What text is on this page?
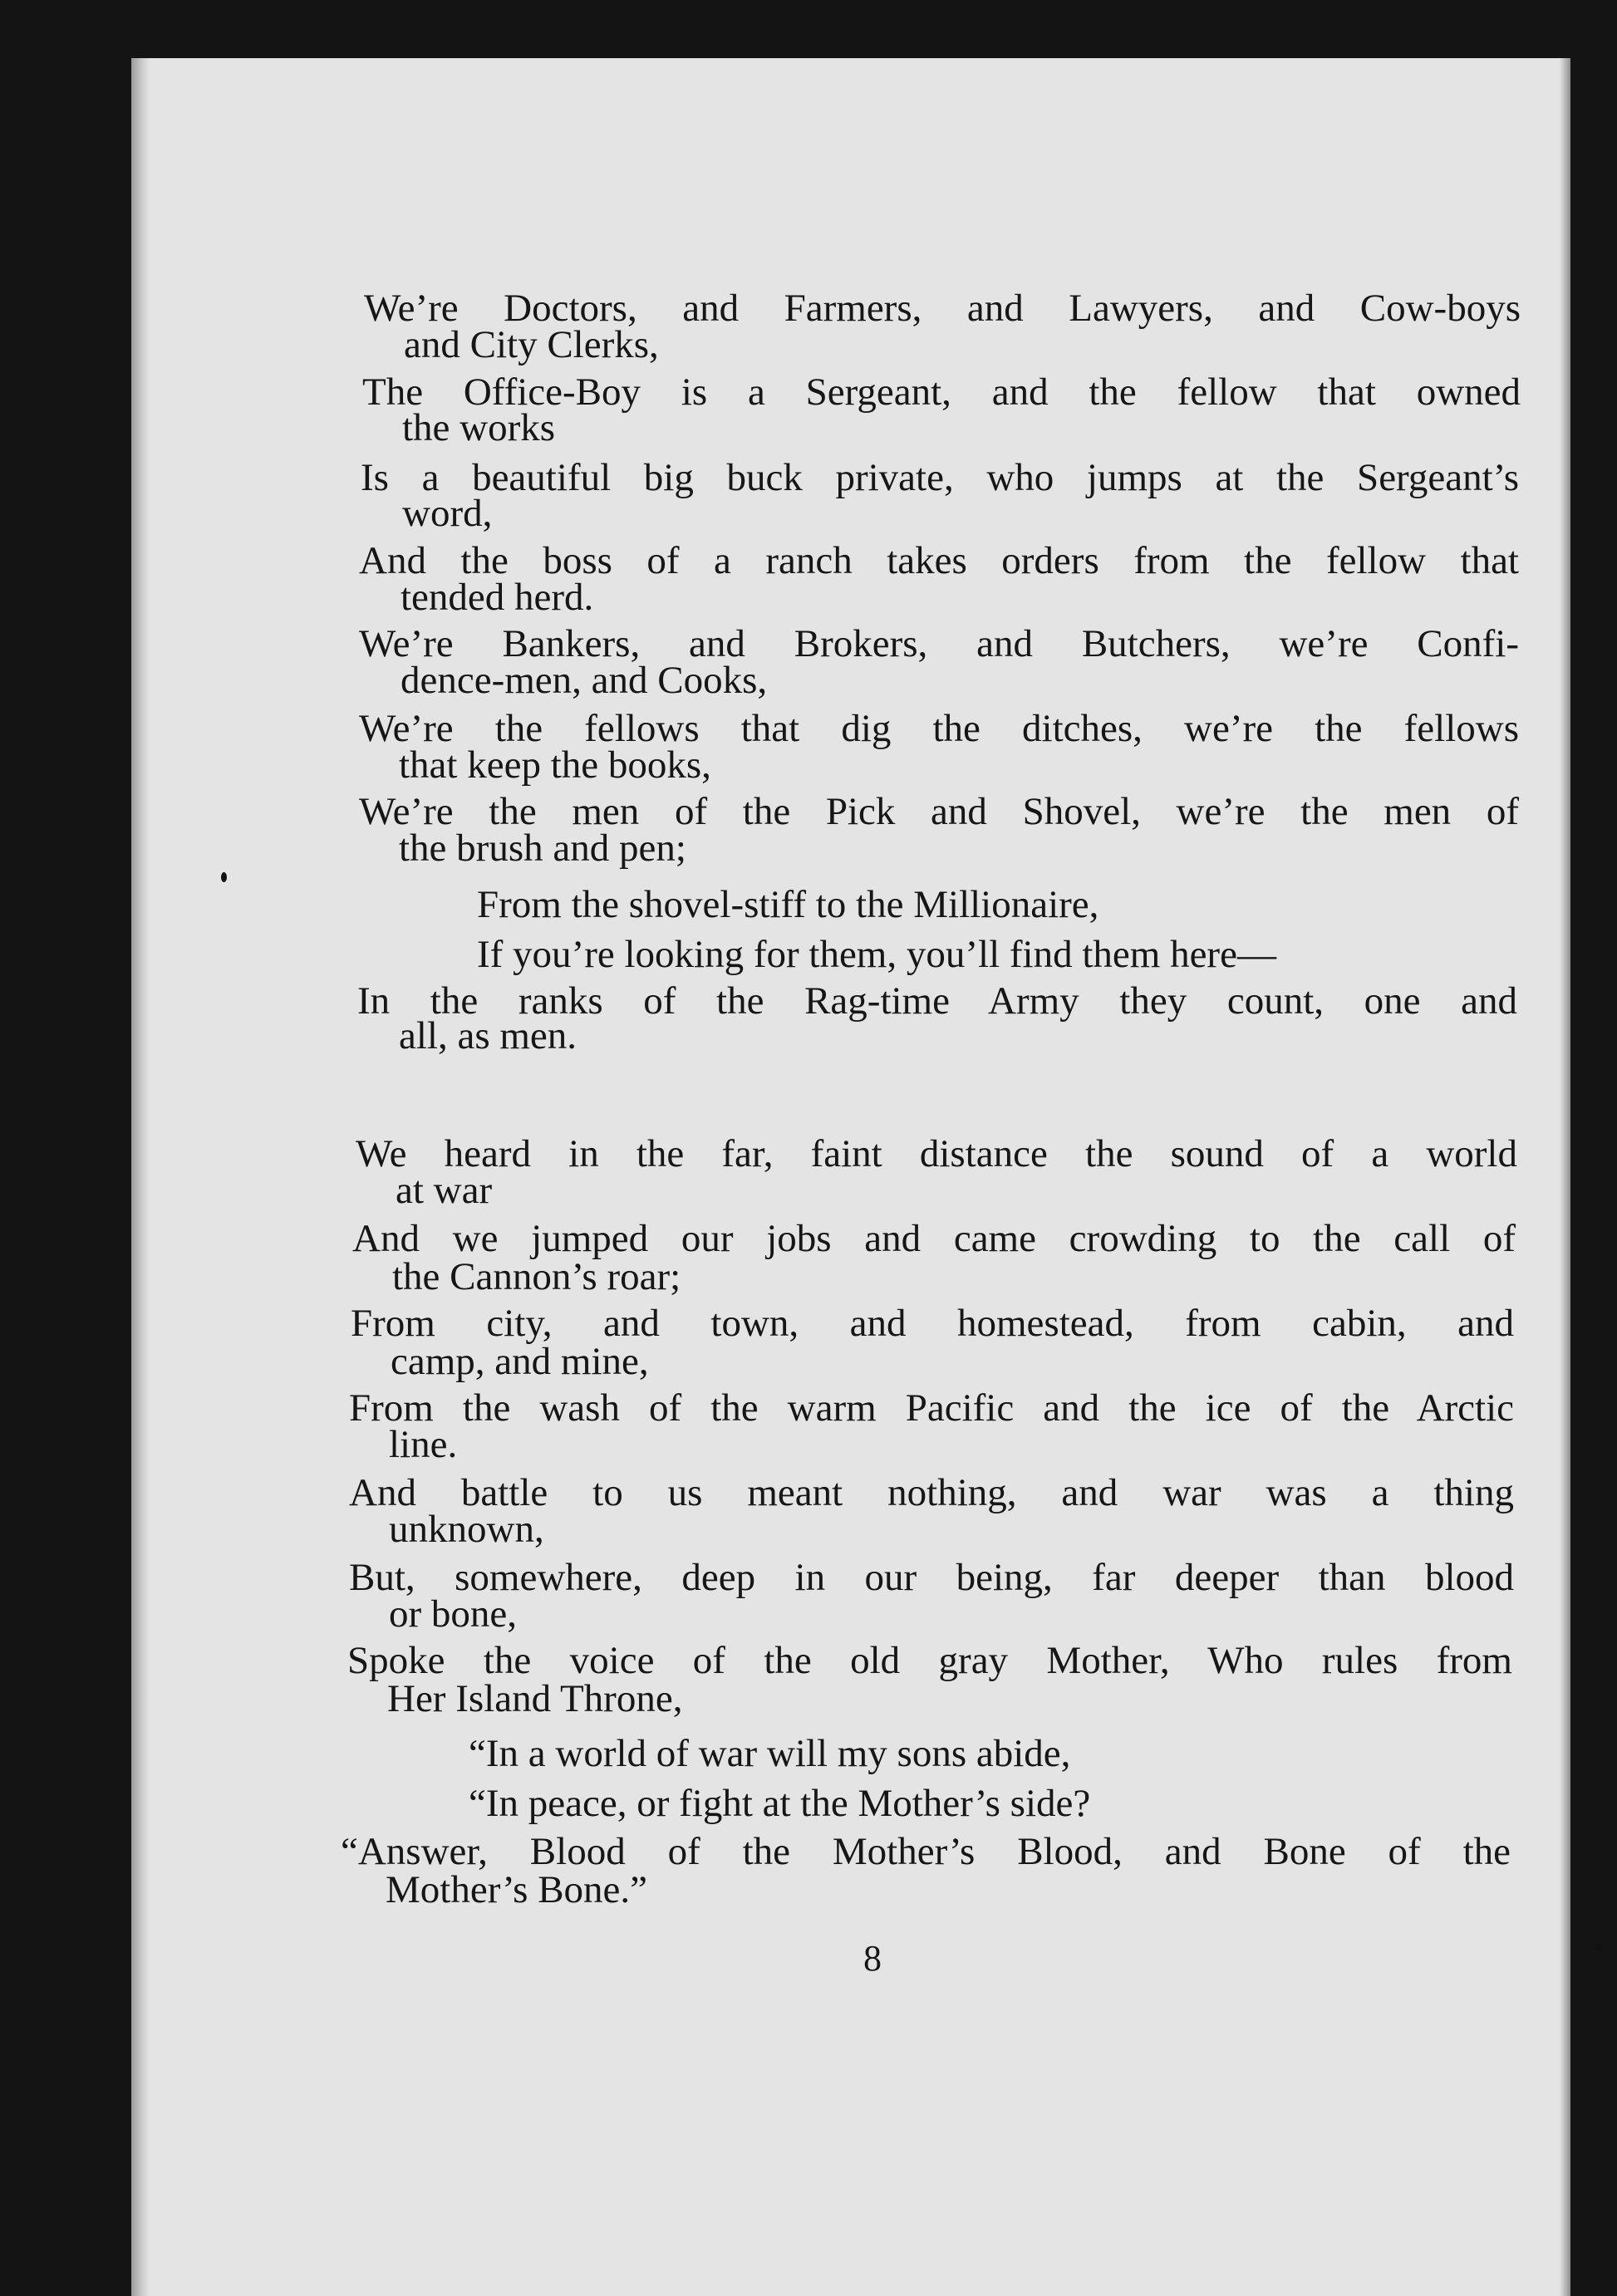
We’re Doctors, and Farmers, and Lawyers, and Cow-boys
and City Clerks,
The Office-Boy is a Sergeant, and the fellow that owned
the works
Is a beautiful big buck private, who jumps at the Sergeant’s
word,
And the boss of a ranch takes orders from the fellow that
tended herd.
We’re Bankers, and Brokers, and Butchers, we’re Confi-
dence-men, and Cooks,
We’re the fellows that dig the ditches, we’re the fellows
that keep the books,
We’re the men of the Pick and Shovel, we’re the men of
the brush and pen;
From the shovel-stiff to the Millionaire,
If you’re looking for them, you’ll find them here—
In the ranks of the Rag-time Army they count, one and
all, as men.
We heard in the far, faint distance the sound of a world
at war
And we jumped our jobs and came crowding to the call of
the Cannon’s roar;
From city, and town, and homestead, from cabin, and
camp, and mine,
From the wash of the warm Pacific and the ice of the Arctic
line.
And battle to us meant nothing, and war was a thing
unknown,
But, somewhere, deep in our being, far deeper than blood
or bone,
Spoke the voice of the old gray Mother, Who rules from
Her Island Throne,
“In a world of war will my sons abide,
“In peace, or fight at the Mother’s side?
“Answer, Blood of the Mother’s Blood, and Bone of the
Mother’s Bone.”
8
